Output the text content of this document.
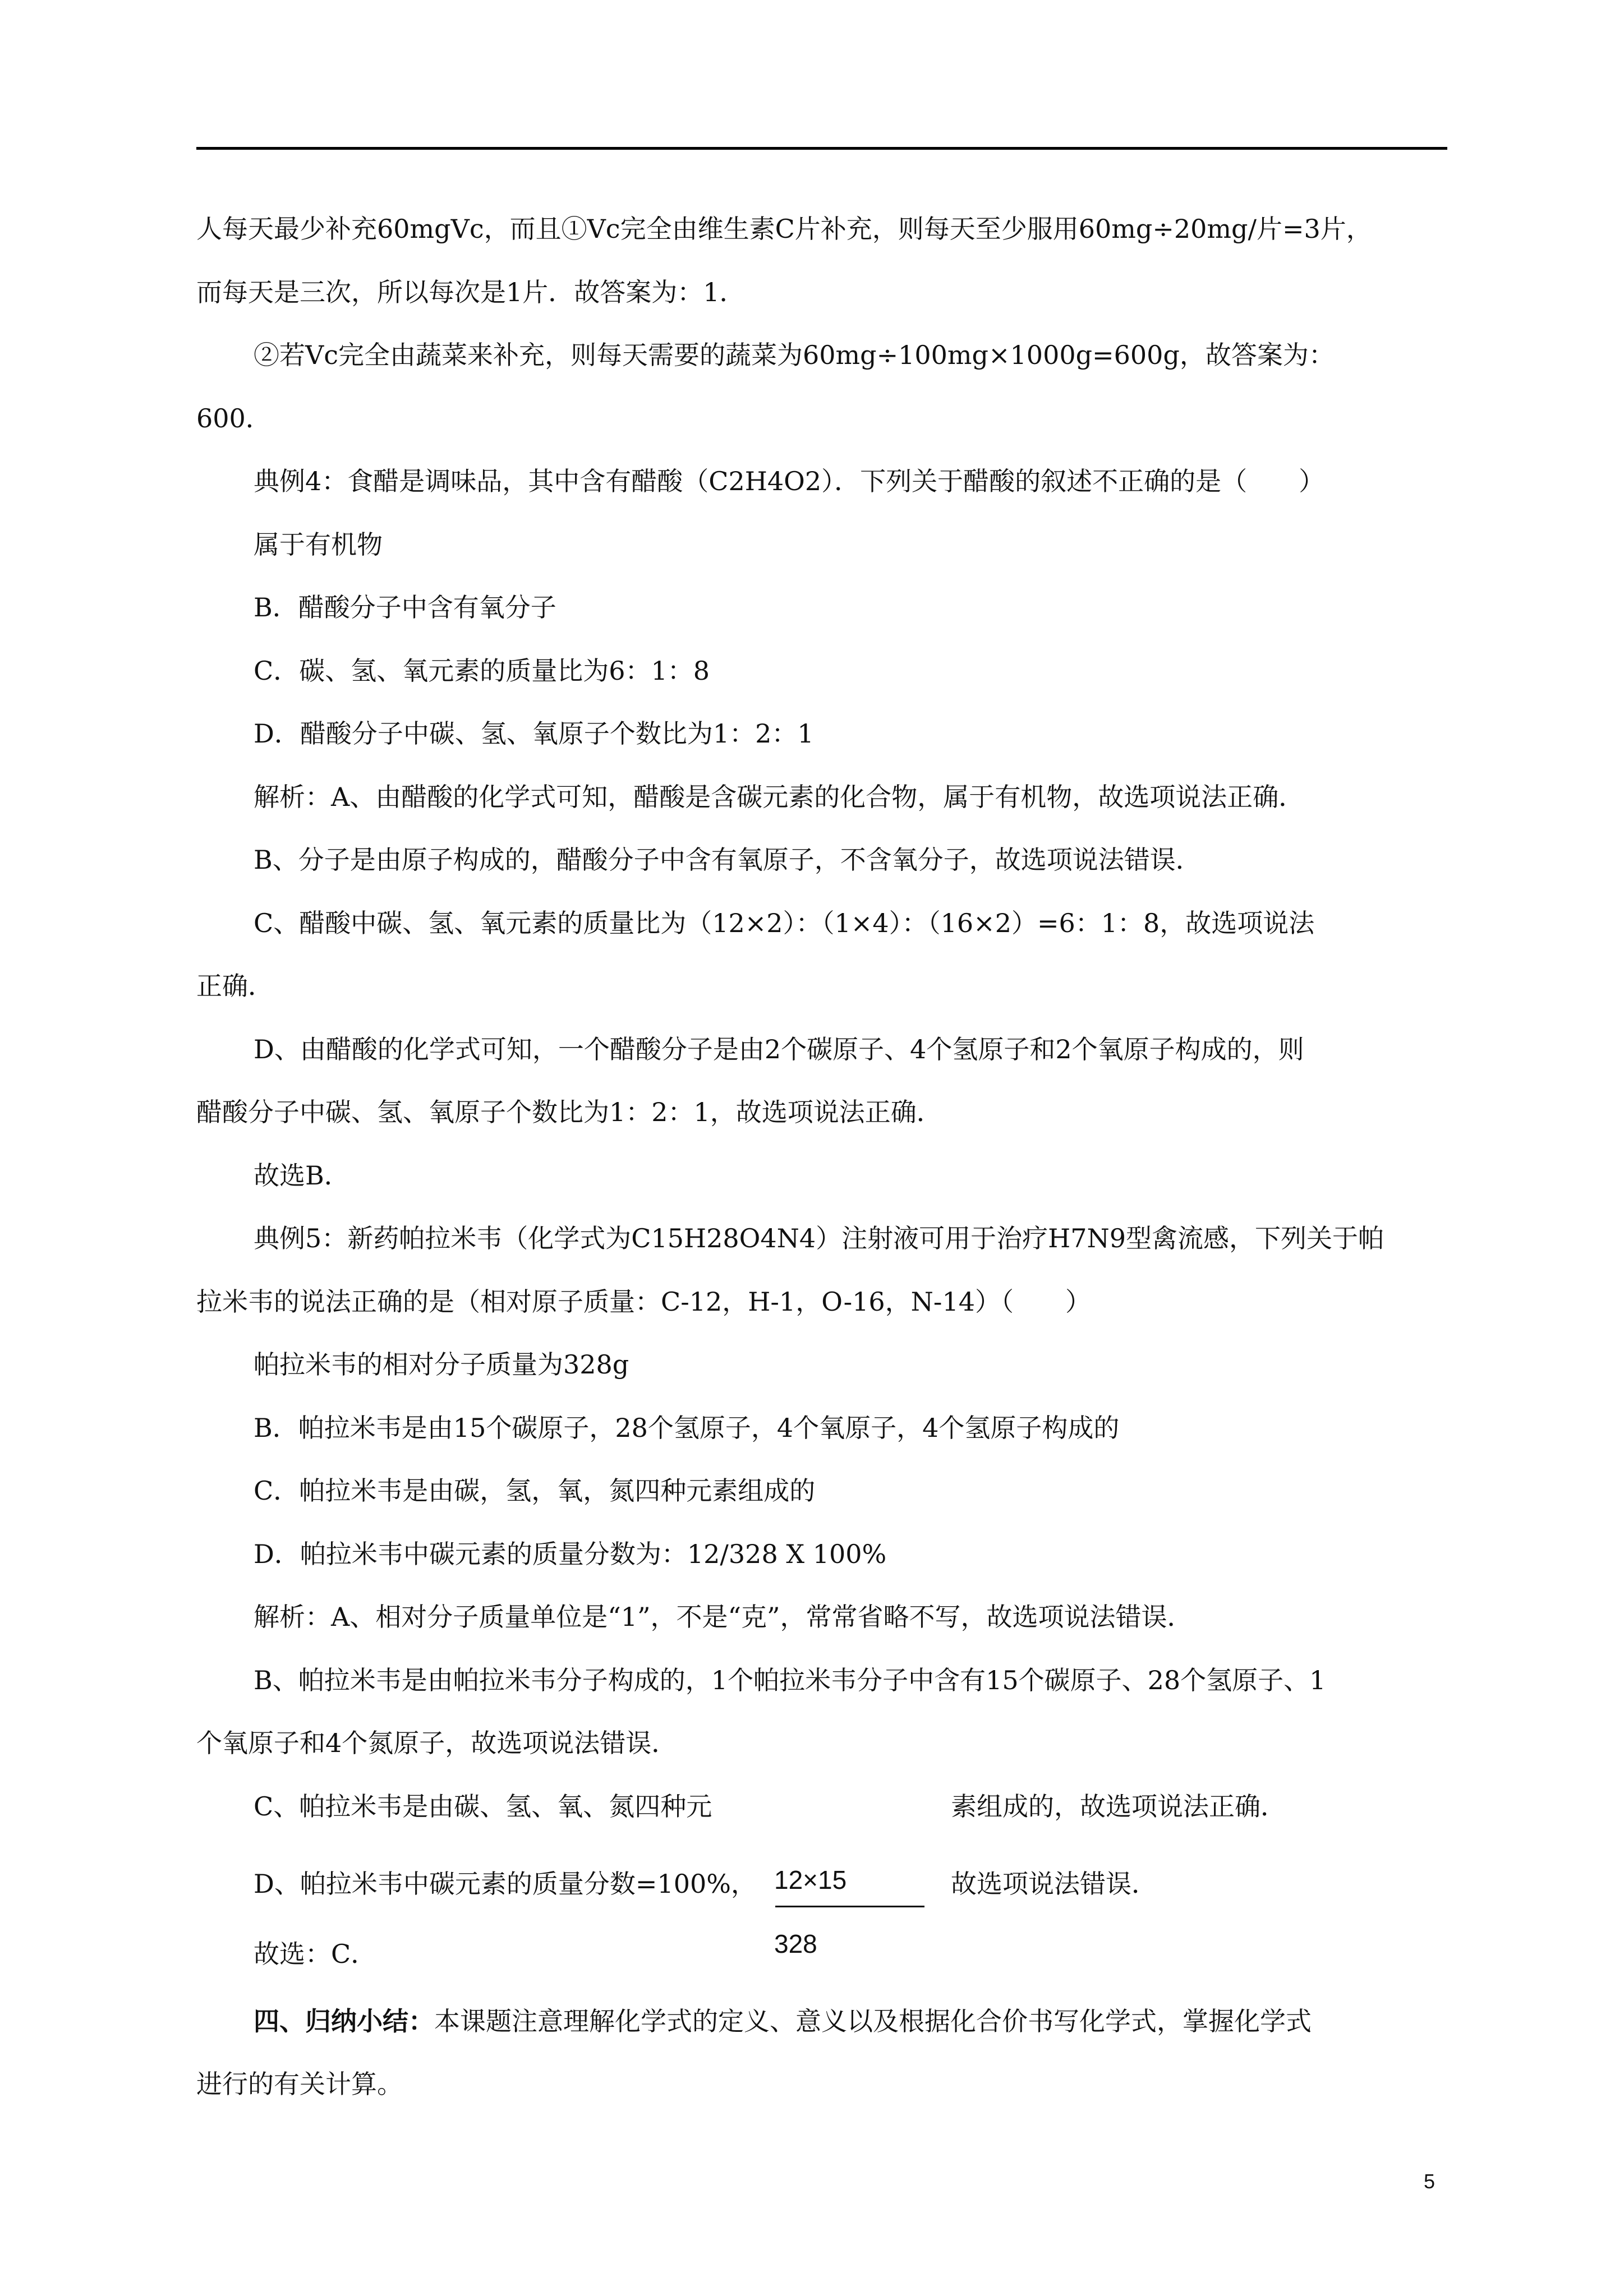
人每天最少补充60mgVc，而且①Vc完全由维生素C片补充，则每天至少服用60mg÷20mg/片=3片，
而每天是三次，所以每次是1片．故答案为：1．
②若Vc完全由蔬菜来补充，则每天需要的蔬菜为60mg÷100mg×1000g=600g，故答案为：
600．
典例4：食醋是调味品，其中含有醋酸（C2H4O2）．下列关于醋酸的叙述不正确的是（　　）
属于有机物
B．醋酸分子中含有氧分子
C．碳、氢、氧元素的质量比为6：1：8
D．醋酸分子中碳、氢、氧原子个数比为1：2：1
解析：A、由醋酸的化学式可知，醋酸是含碳元素的化合物，属于有机物，故选项说法正确．
B、分子是由原子构成的，醋酸分子中含有氧原子，不含氧分子，故选项说法错误．
C、醋酸中碳、氢、氧元素的质量比为（12×2）：（1×4）：（16×2）=6：1：8，故选项说法
正确．
D、由醋酸的化学式可知，一个醋酸分子是由2个碳原子、4个氢原子和2个氧原子构成的，则
醋酸分子中碳、氢、氧原子个数比为1：2：1，故选项说法正确．
故选B．
典例5：新药帕拉米韦（化学式为C15H28O4N4）注射液可用于治疗H7N9型禽流感，下列关于帕
拉米韦的说法正确的是（相对原子质量：C-12，H-1，O-16，N-14）（　　）
帕拉米韦的相对分子质量为328g
B．帕拉米韦是由15个碳原子，28个氢原子，4个氧原子，4个氢原子构成的
C．帕拉米韦是由碳，氢，氧，氮四种元素组成的
D．帕拉米韦中碳元素的质量分数为：12/328 X 100%
解析：A、相对分子质量单位是“1”，不是“克”，常常省略不写，故选项说法错误．
B、帕拉米韦是由帕拉米韦分子构成的，1个帕拉米韦分子中含有15个碳原子、28个氢原子、1
个氧原子和4个氮原子，故选项说法错误．
C、帕拉米韦是由碳、氢、氧、氮四种元	素组成的，故选项说法正确．
D、帕拉米韦中碳元素的质量分数=100%， 12×15
328
故选项说法错误．
故选：C．
四、归纳小结：本课题注意理解化学式的定义、意义以及根据化合价书写化学式，掌握化学式
进行的有关计算。
5
